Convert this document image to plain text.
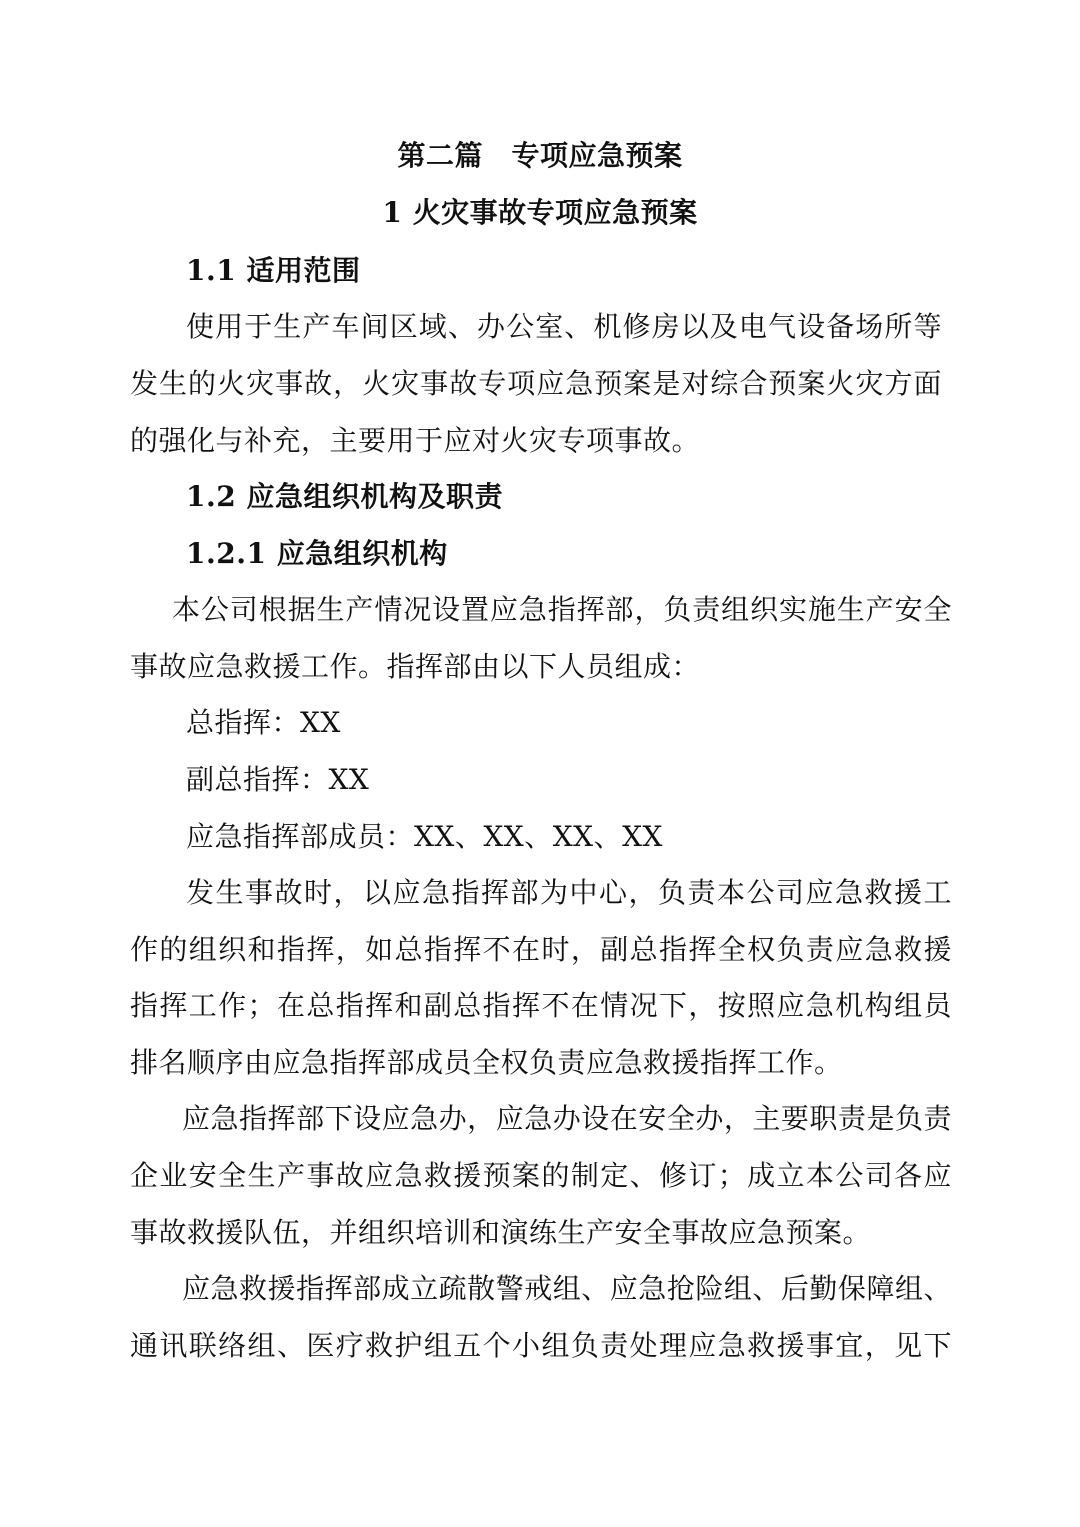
第二篇　专项应急预案
1 火灾事故专项应急预案
1.1 适用范围
使用于生产车间区域、办公室、机修房以及电气设备场所等
发生的火灾事故，火灾事故专项应急预案是对综合预案火灾方面
的强化与补充，主要用于应对火灾专项事故。
1.2 应急组织机构及职责
1.2.1 应急组织机构
本公司根据生产情况设置应急指挥部，负责组织实施生产安全
事故应急救援工作。指挥部由以下人员组成：
总指挥：XX
副总指挥：XX
应急指挥部成员：XX、XX、XX、XX
发生事故时，以应急指挥部为中心，负责本公司应急救援工
作的组织和指挥，如总指挥不在时，副总指挥全权负责应急救援
指挥工作；在总指挥和副总指挥不在情况下，按照应急机构组员
排名顺序由应急指挥部成员全权负责应急救援指挥工作。
应急指挥部下设应急办，应急办设在安全办，主要职责是负责
企业安全生产事故应急救援预案的制定、修订；成立本公司各应
事故救援队伍，并组织培训和演练生产安全事故应急预案。
应急救援指挥部成立疏散警戒组、应急抢险组、后勤保障组、
通讯联络组、医疗救护组五个小组负责处理应急救援事宜，见下
